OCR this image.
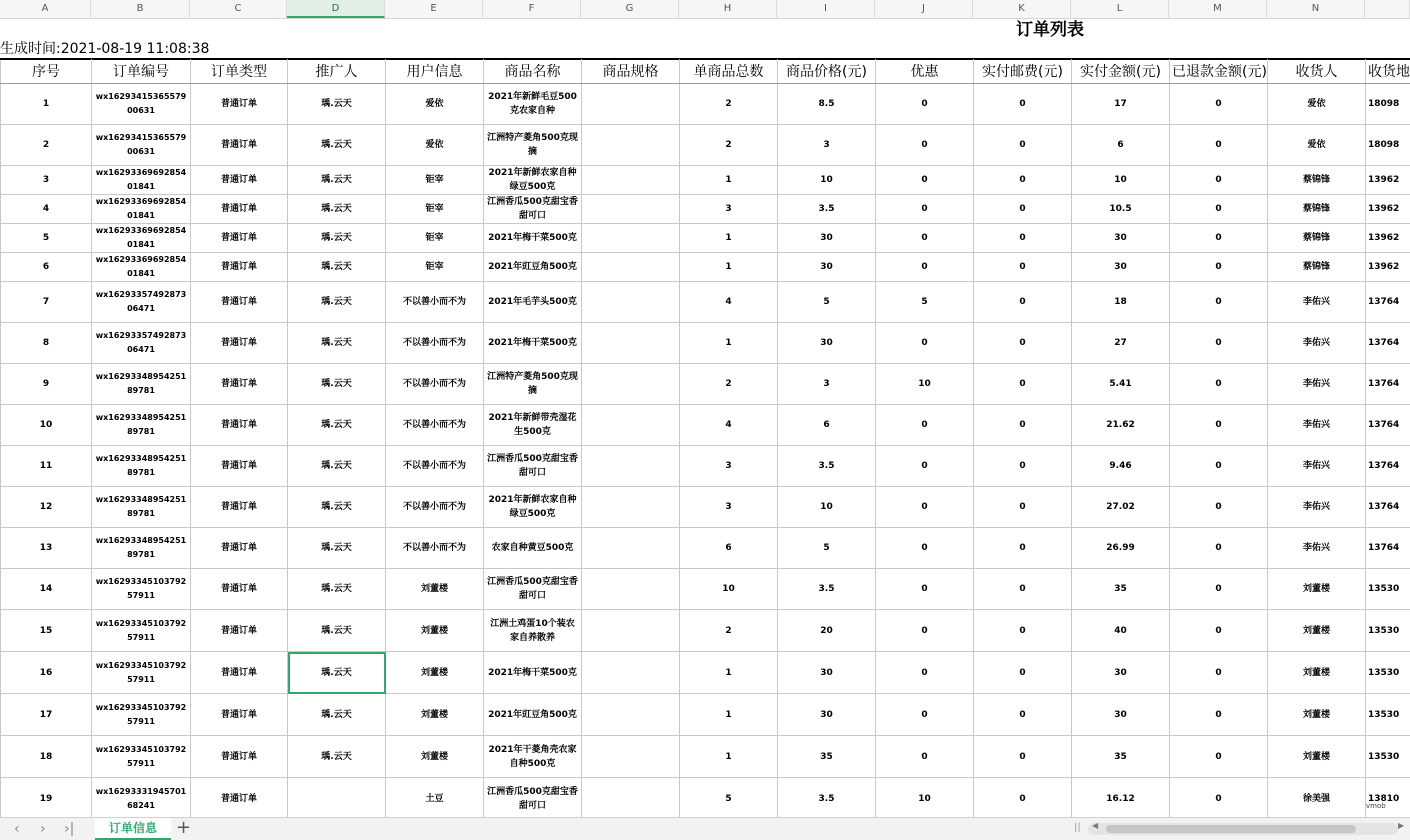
A	B	C	D	E	F	G	H	I	J	K	L	M	N
订单列表
生成时间:2021-08-19 11:08:38
序号	订单编号	订单类型	推广人	用户信息	商品名称	商品规格	单商品总数	商品价格(元)	优惠	实付邮费(元)	实付金额(元)	已退款金额(元)	收货人	收货地
1	wx1629341536557900631	普通订单	瑀.云天	爱依	2021年新鲜毛豆500克农家自种		2	8.5	0	0	17	0	爱依	18098
2	wx1629341536557900631	普通订单	瑀.云天	爱依	江洲特产菱角500克现摘		2	3	0	0	6	0	爱依	18098
3	wx1629336969285401841	普通订单	瑀.云天	钜宰	2021年新鲜农家自种绿豆500克		1	10	0	0	10	0	蔡锦锋	13962
4	wx1629336969285401841	普通订单	瑀.云天	钜宰	江洲香瓜500克甜宝香甜可口		3	3.5	0	0	10.5	0	蔡锦锋	13962
5	wx1629336969285401841	普通订单	瑀.云天	钜宰	2021年梅干菜500克		1	30	0	0	30	0	蔡锦锋	13962
6	wx1629336969285401841	普通订单	瑀.云天	钜宰	2021年豇豆角500克		1	30	0	0	30	0	蔡锦锋	13962
7	wx1629335749287306471	普通订单	瑀.云天	不以善小而不为	2021年毛芋头500克		4	5	5	0	18	0	李佑兴	13764
8	wx1629335749287306471	普通订单	瑀.云天	不以善小而不为	2021年梅干菜500克		1	30	0	0	27	0	李佑兴	13764
9	wx1629334895425189781	普通订单	瑀.云天	不以善小而不为	江洲特产菱角500克现摘		2	3	10	0	5.41	0	李佑兴	13764
10	wx1629334895425189781	普通订单	瑀.云天	不以善小而不为	2021年新鲜带壳湿花生500克		4	6	0	0	21.62	0	李佑兴	13764
11	wx1629334895425189781	普通订单	瑀.云天	不以善小而不为	江洲香瓜500克甜宝香甜可口		3	3.5	0	0	9.46	0	李佑兴	13764
12	wx1629334895425189781	普通订单	瑀.云天	不以善小而不为	2021年新鲜农家自种绿豆500克		3	10	0	0	27.02	0	李佑兴	13764
13	wx1629334895425189781	普通订单	瑀.云天	不以善小而不为	农家自种黄豆500克		6	5	0	0	26.99	0	李佑兴	13764
14	wx1629334510379257911	普通订单	瑀.云天	刘董楼	江洲香瓜500克甜宝香甜可口		10	3.5	0	0	35	0	刘董楼	13530
15	wx1629334510379257911	普通订单	瑀.云天	刘董楼	江洲土鸡蛋10个装农家自养散养		2	20	0	0	40	0	刘董楼	13530
16	wx1629334510379257911	普通订单	瑀.云天	刘董楼	2021年梅干菜500克		1	30	0	0	30	0	刘董楼	13530
17	wx1629334510379257911	普通订单	瑀.云天	刘董楼	2021年豇豆角500克		1	30	0	0	30	0	刘董楼	13530
18	wx1629334510379257911	普通订单	瑀.云天	刘董楼	2021年干菱角壳农家自种500克		1	35	0	0	35	0	刘董楼	13530
19	wx1629333194570168241	普通订单		土豆	江洲香瓜500克甜宝香甜可口		5	3.5	10	0	16.12	0	徐美强	13810
vmob
‹ › ›|	订单信息	+	|| ◀	▶
